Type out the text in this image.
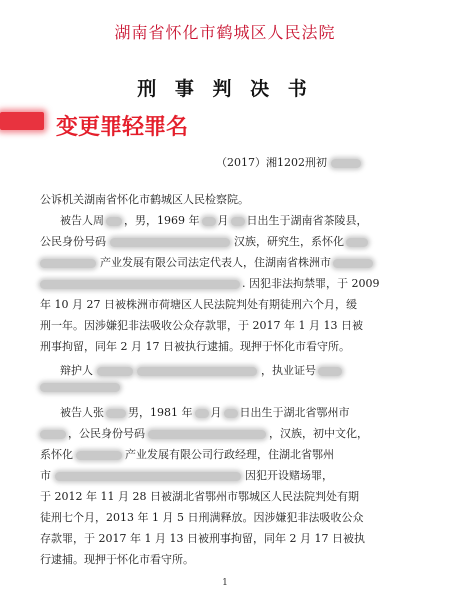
湖南省怀化市鹤城区人民法院
刑 事 判 决 书
变更罪轻罪名
（2017）湘1202刑初
公诉机关湖南省怀化市鹤城区人民检察院。
被告人周 ，男，1969 年 月 日出生于湖南省茶陵县，
公民身份号码	汉族，研究生，系怀化
产业发展有限公司法定代表人，住湖南省株洲市
. 因犯非法拘禁罪，于 2009
年 10 月 27 日被株洲市荷塘区人民法院判处有期徒刑六个月，缓
刑一年。因涉嫌犯非法吸收公众存款罪，于 2017 年 1 月 13 日被
刑事拘留，同年 2 月 17 日被执行逮捕。现押于怀化市看守所。
辩护人	，执业证号
被告人张 男，1981 年 月 日出生于湖北省鄂州市
，公民身份号码	，汉族，初中文化，
系怀化	产业发展有限公司行政经理，住湖北省鄂州
市	因犯开设赌场罪，
于 2012 年 11 月 28 日被湖北省鄂州市鄂城区人民法院判处有期
徒刑七个月，2013 年 1 月 5 日刑满释放。因涉嫌犯非法吸收公众
存款罪，于 2017 年 1 月 13 日被刑事拘留，同年 2 月 17 日被执
行逮捕。现押于怀化市看守所。
1
